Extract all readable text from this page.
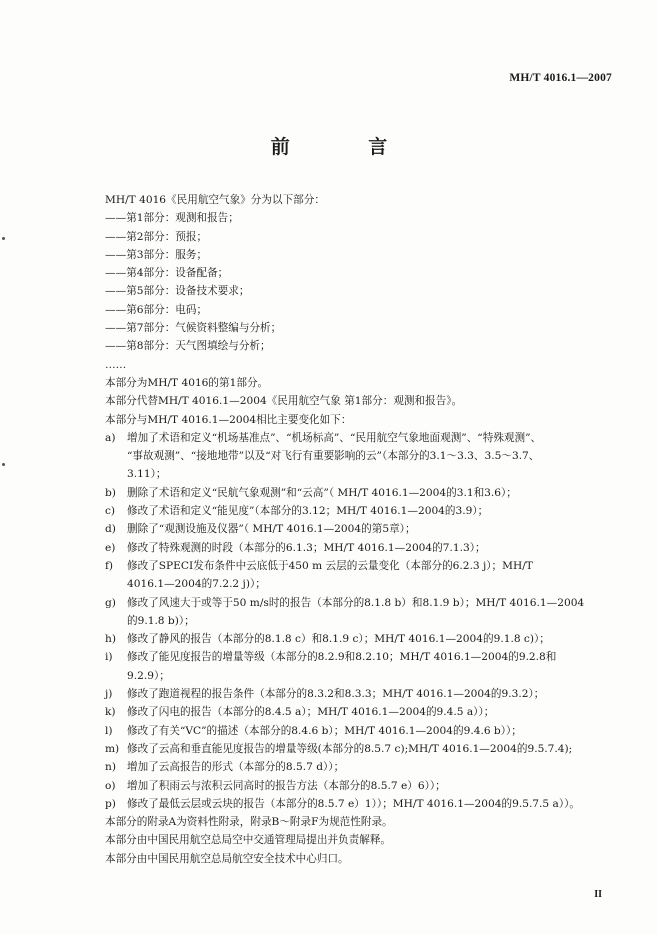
MH/T 4016.1—2007
前 言
MH/T 4016《民用航空气象》分为以下部分：
——第1部分：观测和报告；
——第2部分：预报；
——第3部分：服务；
——第4部分：设备配备；
——第5部分：设备技术要求；
——第6部分：电码；
——第7部分：气候资料整编与分析；
——第8部分：天气图填绘与分析；
……
本部分为MH/T 4016的第1部分。
本部分代替MH/T 4016.1—2004《民用航空气象 第1部分：观测和报告》。
本部分与MH/T 4016.1—2004相比主要变化如下：
a)	增加了术语和定义“机场基准点”、“机场标高”、“民用航空气象地面观测”、“特殊观测”、
“事故观测”、“接地地带”以及“对飞行有重要影响的云”（本部分的3.1～3.3、3.5～3.7、
3.11）；
b)	删除了术语和定义“民航气象观测”和“云高”（ MH/T 4016.1—2004的3.1和3.6）；
c)	修改了术语和定义“能见度”（本部分的3.12；MH/T 4016.1—2004的3.9）；
d)	删除了“观测设施及仪器”（ MH/T 4016.1—2004的第5章）；
e)	修改了特殊观测的时段（本部分的6.1.3；MH/T 4016.1—2004的7.1.3）；
f)	修改了SPECI发布条件中云底低于450 m 云层的云量变化（本部分的6.2.3 j）；MH/T
4016.1—2004的7.2.2 j)）；
g)	修改了风速大于或等于50 m/s时的报告（本部分的8.1.8 b）和8.1.9 b）；MH/T 4016.1—2004
的9.1.8 b)）；
h)	修改了静风的报告（本部分的8.1.8 c）和8.1.9 c）；MH/T 4016.1—2004的9.1.8 c)）；
i)	修改了能见度报告的增量等级（本部分的8.2.9和8.2.10；MH/T 4016.1—2004的9.2.8和
9.2.9）；
j)	修改了跑道视程的报告条件（本部分的8.3.2和8.3.3；MH/T 4016.1—2004的9.3.2）；
k)	修改了闪电的报告（本部分的8.4.5 a）；MH/T 4016.1—2004的9.4.5 a））；
l)	修改了有关“VC”的描述（本部分的8.4.6 b）；MH/T 4016.1—2004的9.4.6 b））；
m) 修改了云高和垂直能见度报告的增量等级(本部分的8.5.7 c);MH/T 4016.1—2004的9.5.7.4);
n)	增加了云高报告的形式（本部分的8.5.7 d））；
o)	增加了积雨云与浓积云同高时的报告方法（本部分的8.5.7 e）6））；
p)	修改了最低云层或云块的报告（本部分的8.5.7 e）1））；MH/T 4016.1—2004的9.5.7.5 a））。
本部分的附录A为资料性附录，附录B～附录F为规范性附录。
本部分由中国民用航空总局空中交通管理局提出并负责解释。
本部分由中国民用航空总局航空安全技术中心归口。
II
